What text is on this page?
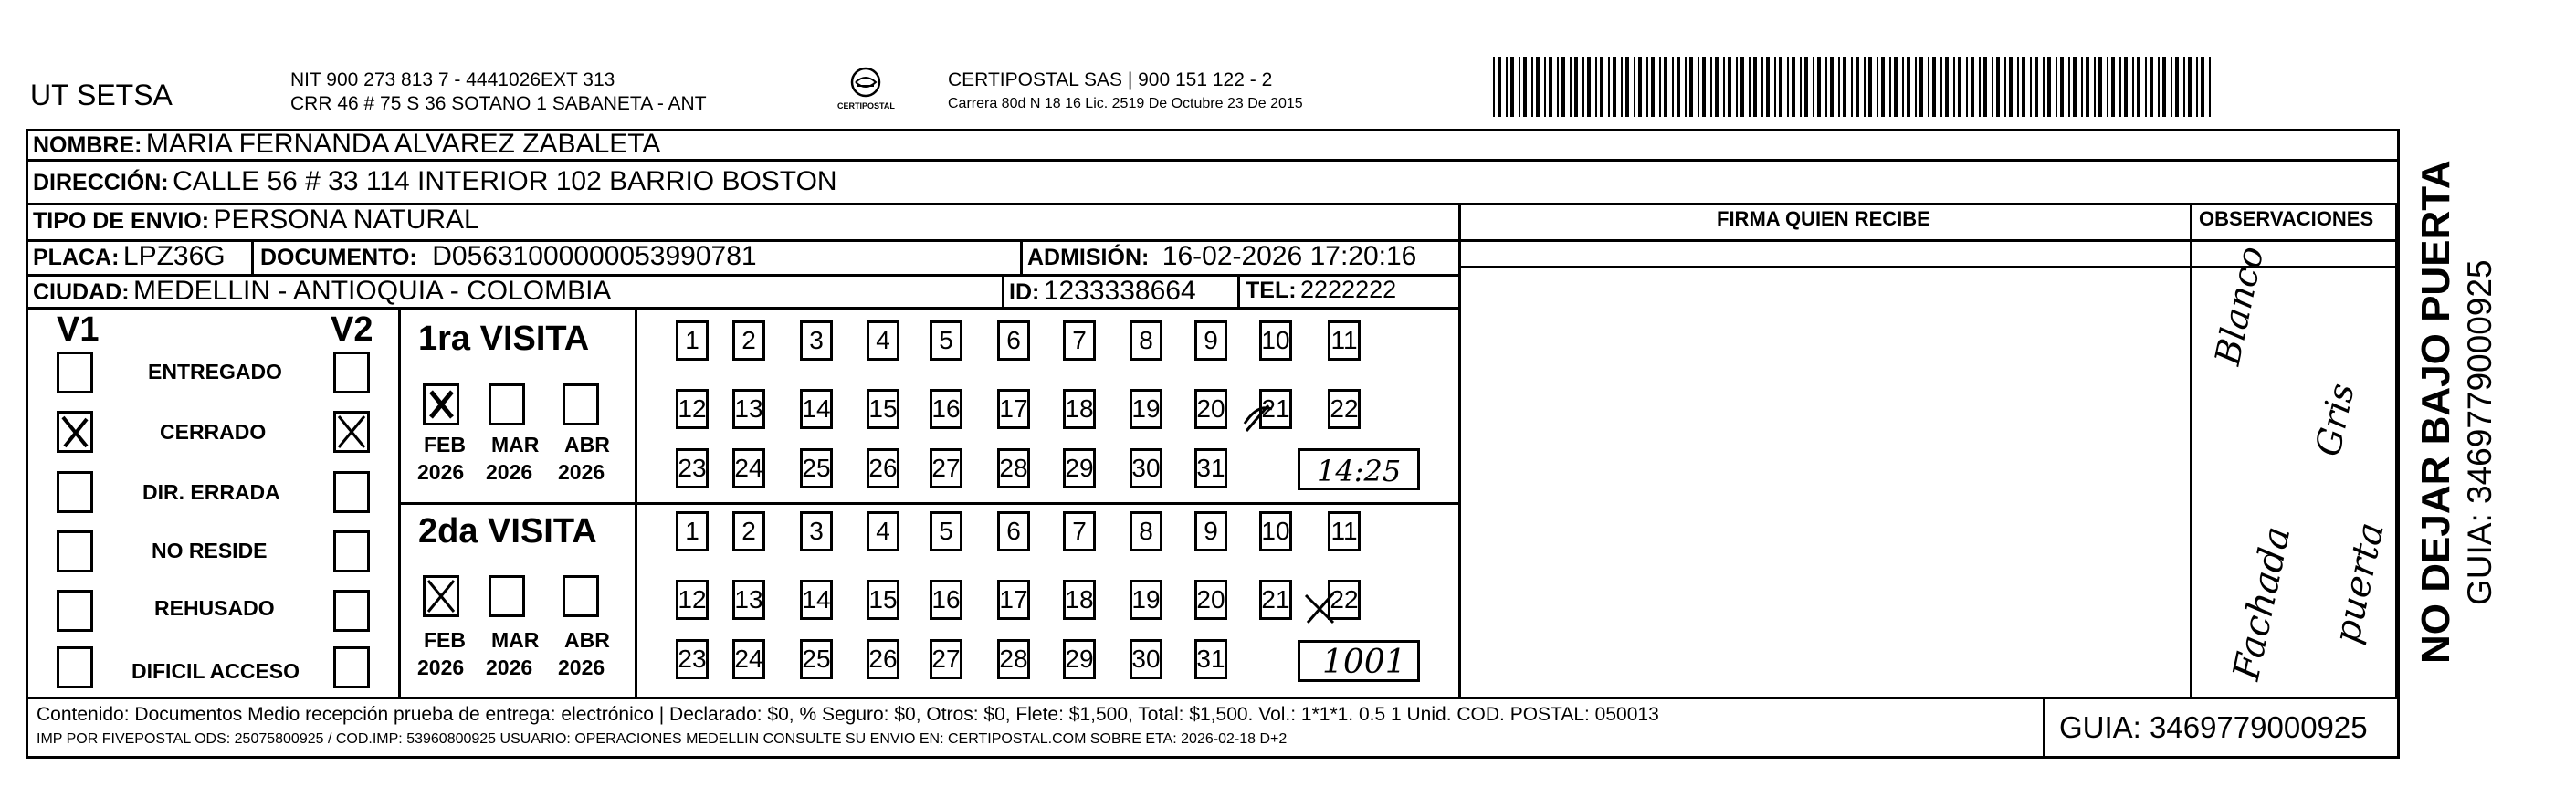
UT SETSA	NIT 900 273 813 7 - 4441026EXT 313
CRR 46 # 75 S 36 SOTANO 1 SABANETA - ANT	CERTIPOSTAL
CERTIPOSTAL SAS | 900 151 122 - 2
Carrera 80d N 18 16 Lic. 2519 De Octubre 23 De 2015
NOMBRE: MARIA FERNANDA ALVAREZ ZABALETA
DIRECCIÓN: CALLE 56 # 33 114 INTERIOR 102 BARRIO BOSTON
TIPO DE ENVIO: PERSONA NATURAL
PLACA: LPZ36G DOCUMENTO: D05631000000053990781	ADMISIÓN: 16-02-2026 17:20:16
CIUDAD: MEDELLIN - ANTIOQUIA - COLOMBIA	ID: 1233338664 TEL: 2222222
FIRMA QUIEN RECIBE	OBSERVACIONES
V1	V2
ENTREGADO
CERRADO
DIR. ERRADA
NO RESIDE
REHUSADO
DIFICIL ACCESO
1ra VISITA
FEB MAR ABR
2026 2026 2026
1	2	3	4	5	6	7	8	9	10 11
12 13 14 15 16 17 18 19 20 21 22
23 24 25 26 27 28 29 30 31	14:25
2da VISITA
FEB MAR ABR
2026 2026 2026
1	2	3	4	5	6	7	8	9	10 11
12 13 14 15 16 17 18 19 20 21 22
23 24 25 26 27 28 29 30 31	1001
Blanco
Gris
Fachada puerta NO DEJAR BAJO PUERTA GUIA: 3469779000925
Contenido: Documentos Medio recepción prueba de entrega: electrónico | Declarado: $0, % Seguro: $0, Otros: $0, Flete: $1,500, Total: $1,500. Vol.: 1*1*1. 0.5 1 Unid. COD. POSTAL: 050013
IMP POR FIVEPOSTAL ODS: 25075800925 / COD.IMP: 53960800925 USUARIO: OPERACIONES MEDELLIN CONSULTE SU ENVIO EN: CERTIPOSTAL.COM SOBRE ETA: 2026-02-18 D+2	GUIA: 3469779000925
